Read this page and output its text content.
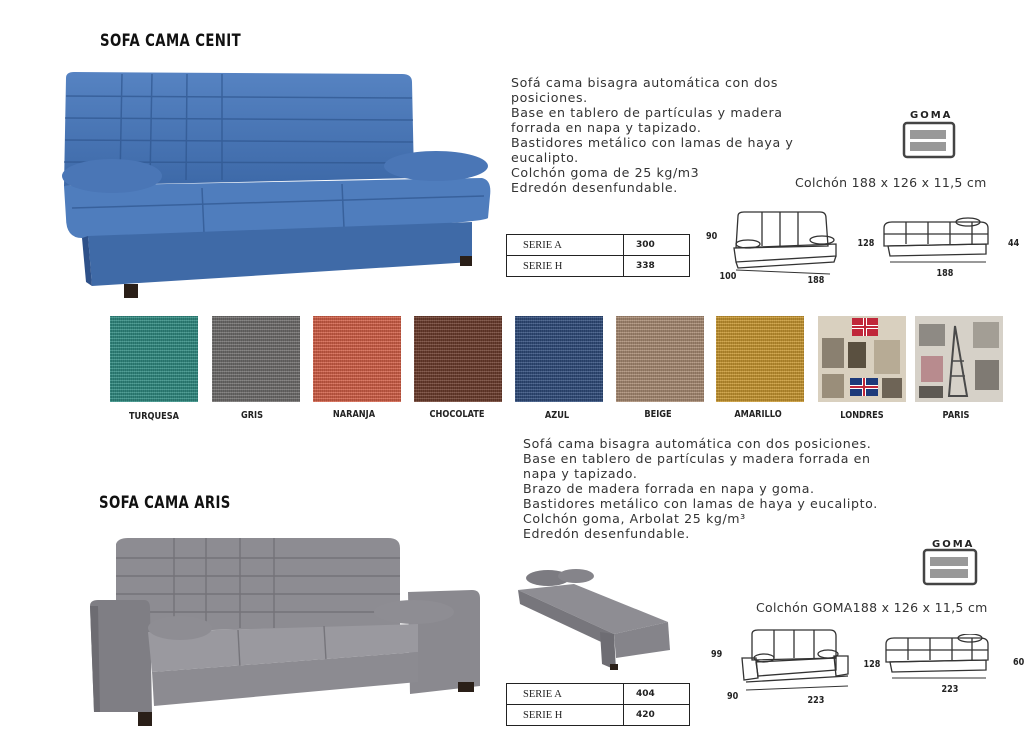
SOFA CAMA CENIT
Sofá cama bisagra automática con dos
posiciones.
Base en tablero de partículas y madera
forrada en napa y tapizado.
Bastidores metálico con lamas de haya y
eucalipto.
Colchón goma de 25 kg/m3
Edredón desenfundable.
GOMA
Colchón 188 x 126 x 11,5 cm
SERIE A	300
SERIE H	338
90
100	188
128	44
188
TURQUESA	GRIS	NARANJA	CHOCOLATE	AZUL	BEIGE	AMARILLO	LONDRES	PARIS
Sofá cama bisagra automática con dos posiciones.
Base en tablero de partículas y madera forrada en
napa y tapizado.
Brazo de madera forrada en napa y goma.
Bastidores metálico con lamas de haya y eucalipto.
Colchón goma, Arbolat 25 kg/m³
Edredón desenfundable.
SOFA CAMA ARIS
GOMA
Colchón GOMA188 x 126 x 11,5 cm
99
90	223
128	60
223
SERIE A	404
SERIE H	420
